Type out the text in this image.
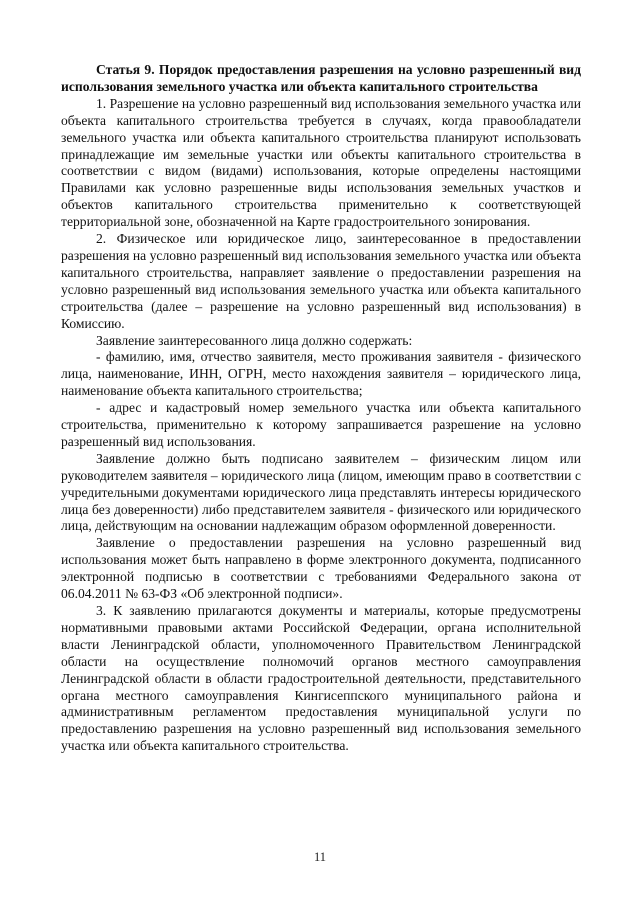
Статья 9. Порядок предоставления разрешения на условно разрешенный вид использования земельного участка или объекта капитального строительства

1. Разрешение на условно разрешенный вид использования земельного участка или объекта капитального строительства требуется в случаях, когда правообладатели земельного участка или объекта капитального строительства планируют использовать принадлежащие им земельные участки или объекты капитального строительства в соответствии с видом (видами) использования, которые определены настоящими Правилами как условно разрешенные виды использования земельных участков и объектов капитального строительства применительно к соответствующей территориальной зоне, обозначенной на Карте градостроительного зонирования.

2. Физическое или юридическое лицо, заинтересованное в предоставлении разрешения на условно разрешенный вид использования земельного участка или объекта капитального строительства, направляет заявление о предоставлении разрешения на условно разрешенный вид использования земельного участка или объекта капитального строительства (далее – разрешение на условно разрешенный вид использования) в Комиссию.

Заявление заинтересованного лица должно содержать:

- фамилию, имя, отчество заявителя, место проживания заявителя - физического лица, наименование, ИНН, ОГРН, место нахождения заявителя – юридического лица, наименование объекта капитального строительства;

- адрес и кадастровый номер земельного участка или объекта капитального строительства, применительно к которому запрашивается разрешение на условно разрешенный вид использования.

Заявление должно быть подписано заявителем – физическим лицом или руководителем заявителя – юридического лица (лицом, имеющим право в соответствии с учредительными документами юридического лица представлять интересы юридического лица без доверенности) либо представителем заявителя - физического или юридического лица, действующим на основании надлежащим образом оформленной доверенности.

Заявление о предоставлении разрешения на условно разрешенный вид использования может быть направлено в форме электронного документа, подписанного электронной подписью в соответствии с требованиями Федерального закона от 06.04.2011 № 63-ФЗ «Об электронной подписи».

3. К заявлению прилагаются документы и материалы, которые предусмотрены нормативными правовыми актами Российской Федерации, органа исполнительной власти Ленинградской области, уполномоченного Правительством Ленинградской области на осуществление полномочий органов местного самоуправления Ленинградской области в области градостроительной деятельности, представительного органа местного самоуправления Кингисеппского муниципального района и административным регламентом предоставления муниципальной услуги по предоставлению разрешения на условно разрешенный вид использования земельного участка или объекта капитального строительства.

11
